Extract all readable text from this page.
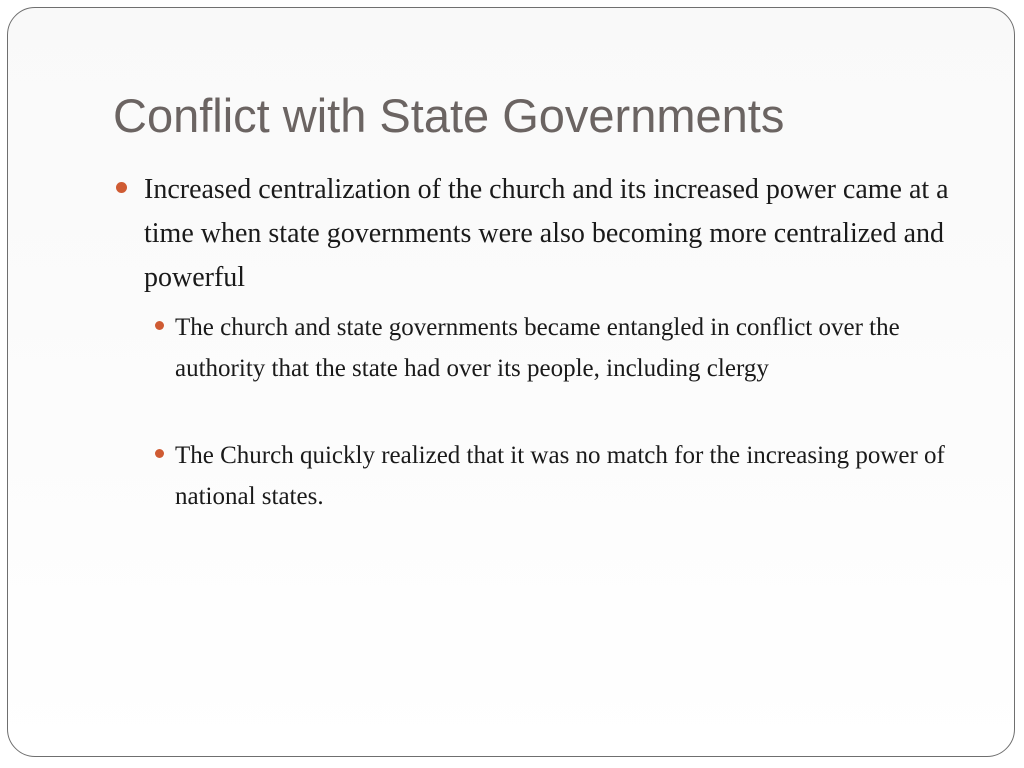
Conflict with State Governments
Increased centralization of the church and its increased power came at a time when state governments were also becoming more centralized and powerful
The church and state governments became entangled in conflict over the authority that the state had over its people, including clergy
The Church quickly realized that it was no match for the increasing power of national states.
